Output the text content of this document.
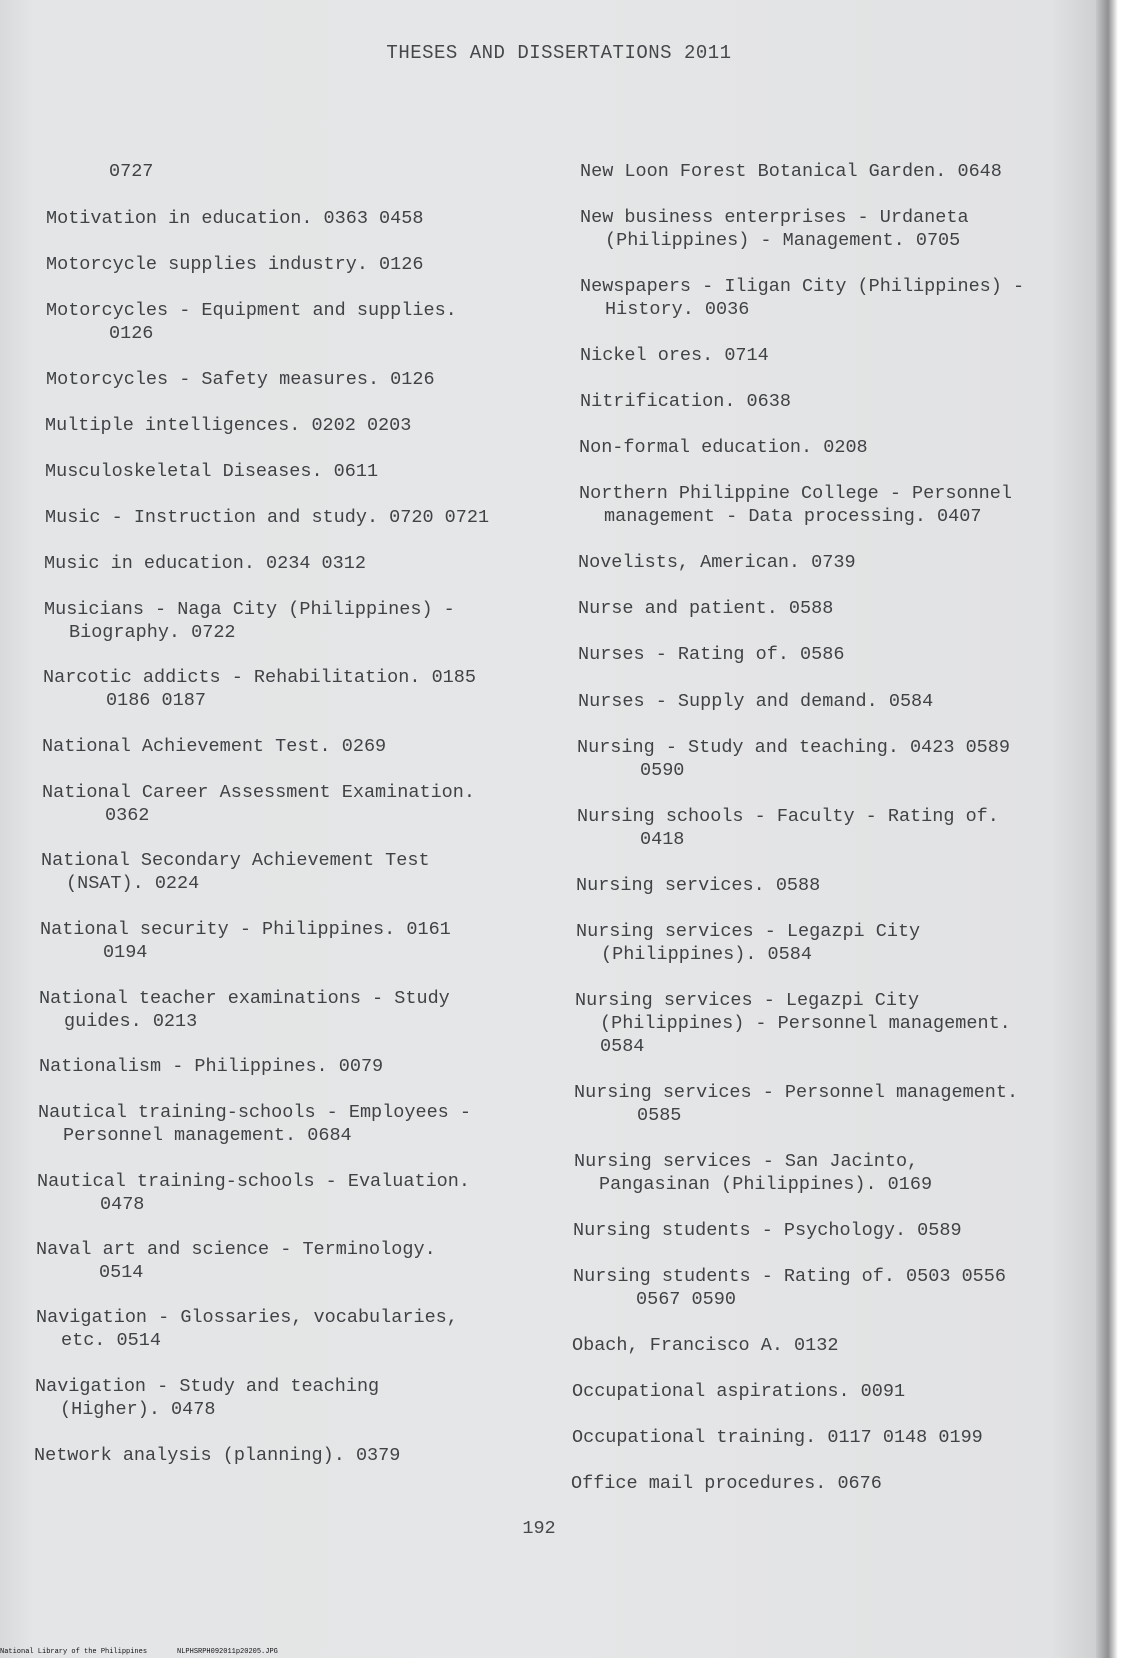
THESES AND DISSERTATIONS 2011

0727

Motivation in education. 0363 0458

Motorcycle supplies industry. 0126

Motorcycles - Equipment and supplies.
0126

Motorcycles - Safety measures. 0126

Multiple intelligences. 0202 0203

Musculoskeletal Diseases. 0611

Music - Instruction and study. 0720 0721

Music in education. 0234 0312

Musicians - Naga City (Philippines) -
Biography. 0722

Narcotic addicts - Rehabilitation. 0185
0186 0187

National Achievement Test. 0269

National Career Assessment Examination.
0362

National Secondary Achievement Test
(NSAT). 0224

National security - Philippines. 0161
0194

National teacher examinations - Study
guides. 0213

Nationalism - Philippines. 0079

Nautical training-schools - Employees -
Personnel management. 0684

Nautical training-schools - Evaluation.
0478

Naval art and science - Terminology.
0514

Navigation - Glossaries, vocabularies,
etc. 0514

Navigation - Study and teaching
(Higher). 0478

Network analysis (planning). 0379

New Loon Forest Botanical Garden. 0648

New business enterprises - Urdaneta
(Philippines) - Management. 0705

Newspapers - Iligan City (Philippines) -
History. 0036

Nickel ores. 0714

Nitrification. 0638

Non-formal education. 0208

Northern Philippine College - Personnel
management - Data processing. 0407

Novelists, American. 0739

Nurse and patient. 0588

Nurses - Rating of. 0586

Nurses - Supply and demand. 0584

Nursing - Study and teaching. 0423 0589
0590

Nursing schools - Faculty - Rating of.
0418

Nursing services. 0588

Nursing services - Legazpi City
(Philippines). 0584

Nursing services - Legazpi City
(Philippines) - Personnel management.
0584

Nursing services - Personnel management.
0585

Nursing services - San Jacinto,
Pangasinan (Philippines). 0169

Nursing students - Psychology. 0589

Nursing students - Rating of. 0503 0556
0567 0590

Obach, Francisco A. 0132

Occupational aspirations. 0091

Occupational training. 0117 0148 0199

Office mail procedures. 0676

192
National Library of the Philippines	NLPHSRPH092011p20205.JPG
